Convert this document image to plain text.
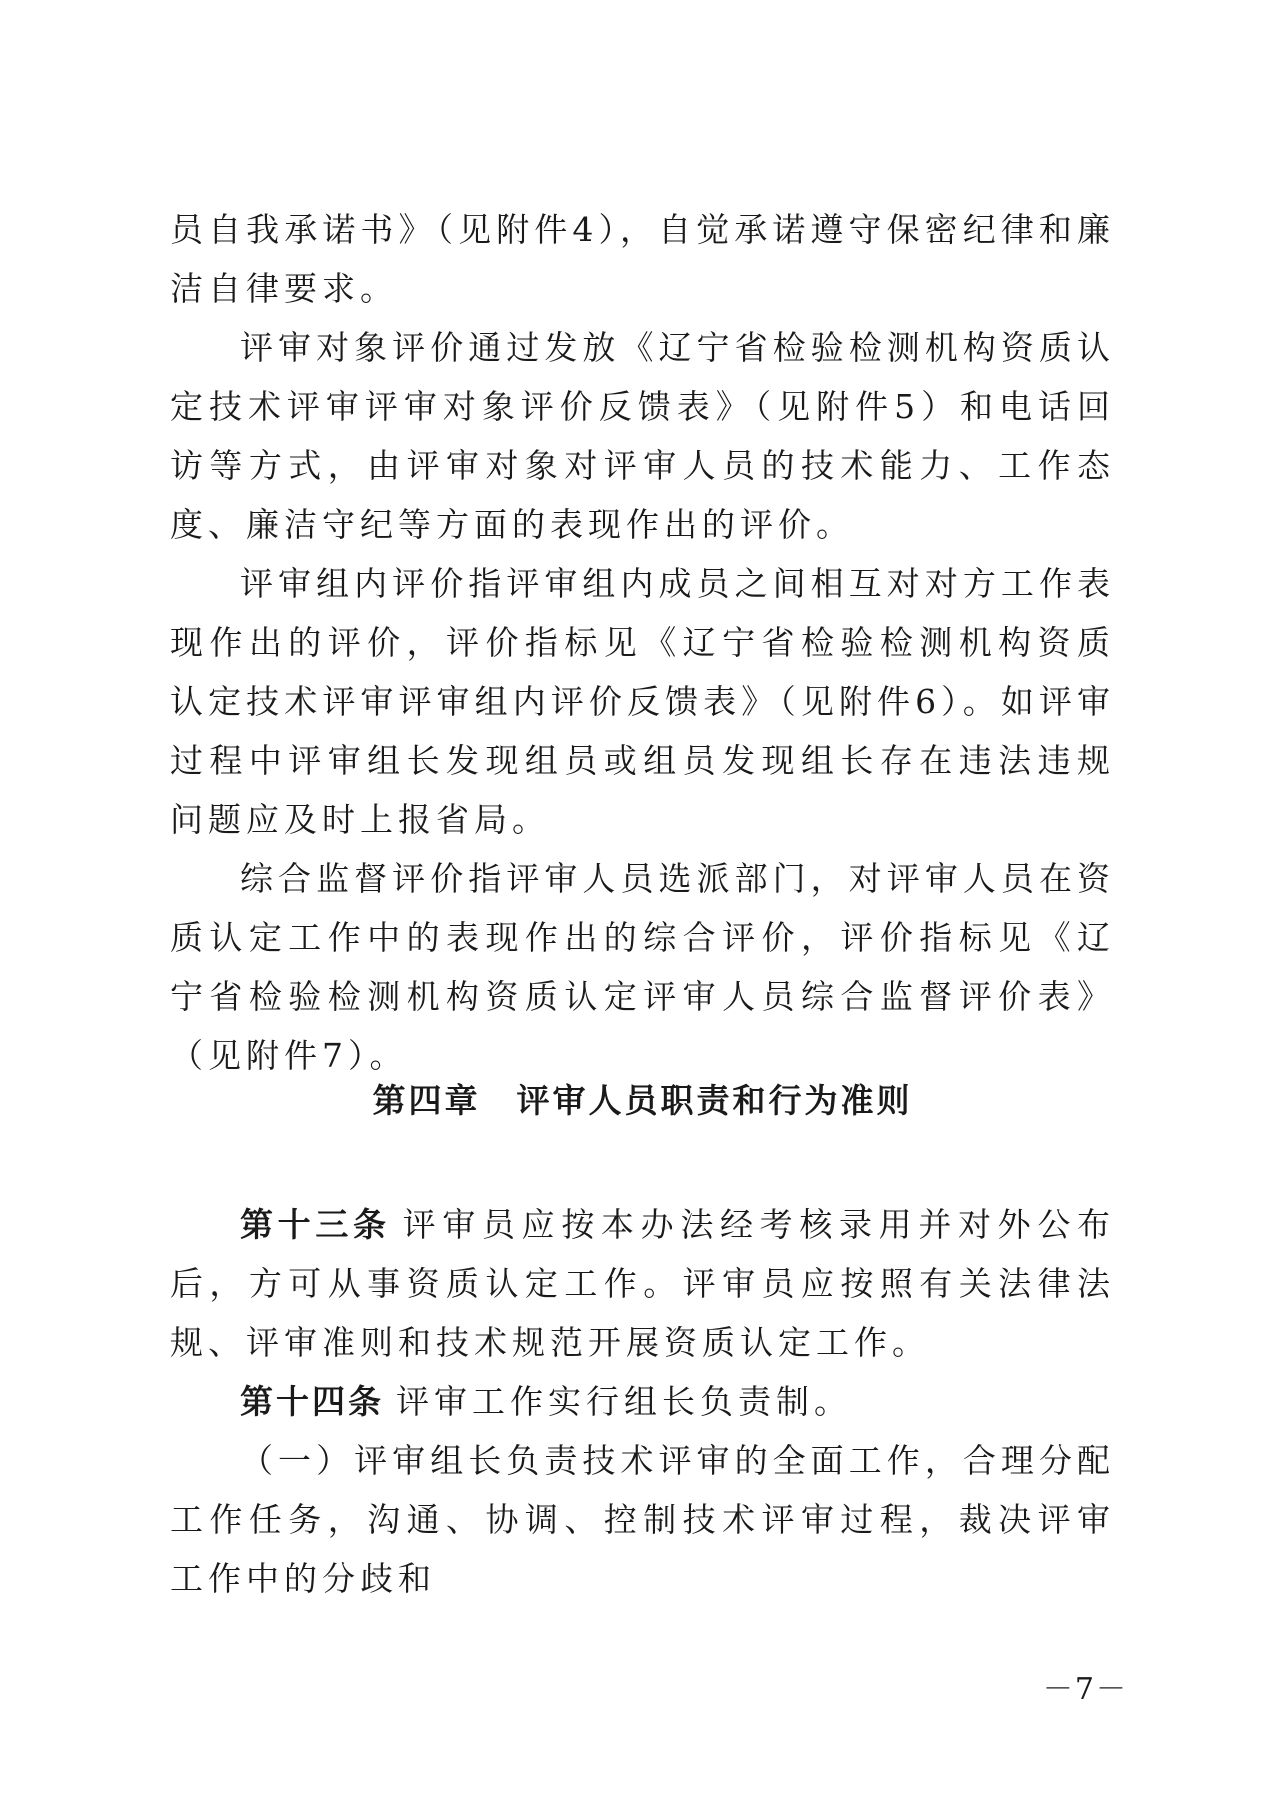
员自我承诺书》（见附件4），自觉承诺遵守保密纪律和廉洁自律要求。

评审对象评价通过发放《辽宁省检验检测机构资质认定技术评审评审对象评价反馈表》（见附件5）和电话回访等方式，由评审对象对评审人员的技术能力、工作态度、廉洁守纪等方面的表现作出的评价。

评审组内评价指评审组内成员之间相互对对方工作表现作出的评价，评价指标见《辽宁省检验检测机构资质认定技术评审评审组内评价反馈表》（见附件6）。如评审过程中评审组长发现组员或组员发现组长存在违法违规问题应及时上报省局。

综合监督评价指评审人员选派部门，对评审人员在资质认定工作中的表现作出的综合评价，评价指标见《辽宁省检验检测机构资质认定评审人员综合监督评价表》（见附件7）。

第四章 评审人员职责和行为准则

第十三条 评审员应按本办法经考核录用并对外公布后，方可从事资质认定工作。评审员应按照有关法律法规、评审准则和技术规范开展资质认定工作。

第十四条 评审工作实行组长负责制。

（一）评审组长负责技术评审的全面工作，合理分配工作任务，沟通、协调、控制技术评审过程，裁决评审工作中的分歧和

－7－
